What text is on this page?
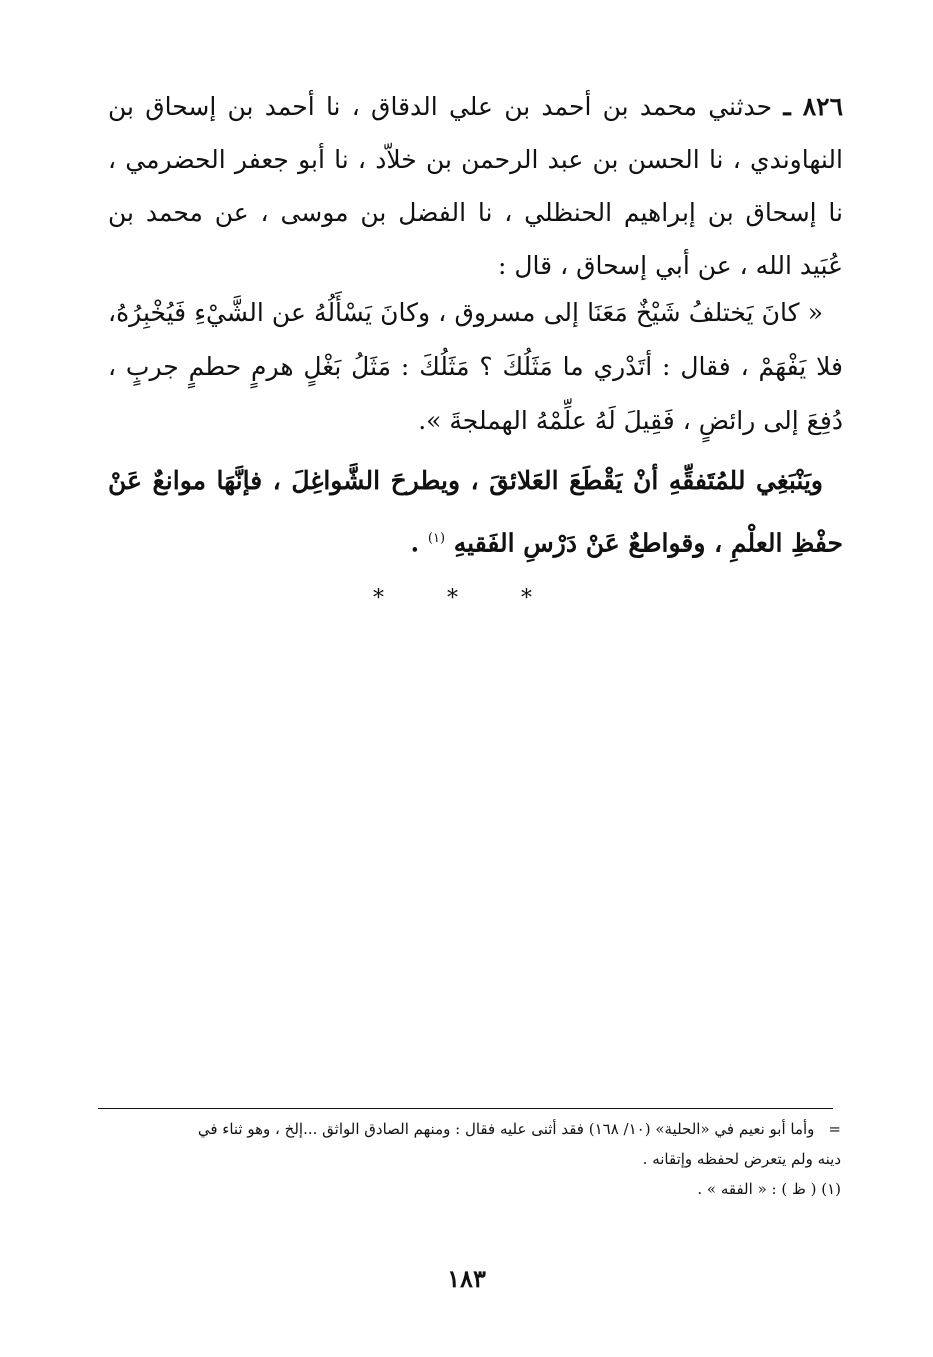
٨٢٦ ـ حدثني محمد بن أحمد بن علي الدقاق ، نا أحمد بن إسحاق بن النهاوندي ، نا الحسن بن عبد الرحمن بن خلاّد ، نا أبو جعفر الحضرمي ، نا إسحاق بن إبراهيم الحنظلي ، نا الفضل بن موسى ، عن محمد بن عُبَيد الله ، عن أبي إسحاق ، قال :
« كانَ يَختلفُ شَيْخٌ مَعَنَا إلى مسروق ، وكانَ يَسْأَلُهُ عن الشَّيْءِ فَيُخْبِرُهُ، فلا يَفْهَمْ ، فقال : أتَدْري ما مَثَلُكَ ؟ مَثَلُكَ : مَثَلُ بَغْلٍ هرمٍ حطمٍ جربٍ ، دُفِعَ إلى رائضٍ ، فَقِيلَ لَهُ علِّمْهُ الهملجةَ ».
ويَنْبَغِي للمُتَفقِّهِ أنْ يَقْطَعَ العَلائقَ ، ويطرحَ الشَّواغِلَ ، فإنَّهَا موانعٌ عَنْ حفْظِ العلْمِ ، وقواطعٌ عَنْ دَرْسِ الفَقيهِ $^{(١)}$ .
* * *
=وأما أبو نعيم في «الحلية» (١٠/ ١٦٨) فقد أثنى عليه فقال : ومنهم الصادق الواثق ...إلخ ، وهو ثناء في
دينه ولم يتعرض لحفظه وإتقانه .
(١) ( ظ ) : « الفقه » .
١٨٣
